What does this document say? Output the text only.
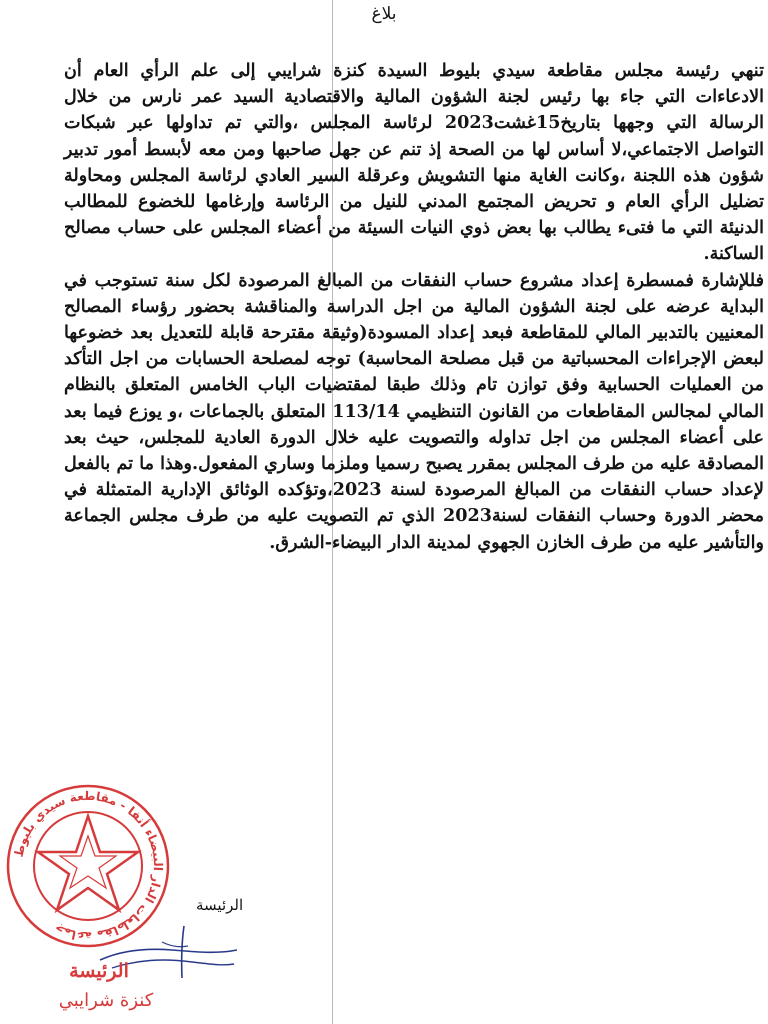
بلاغ

تنهي رئيسة مجلس مقاطعة سيدي بليوط السيدة كنزة شرايبي إلى علم الرأي العام أن الادعاءات التي جاء بها رئيس لجنة الشؤون المالية والاقتصادية السيد عمر نارس من خلال الرسالة التي وجهها بتاريخ15غشت2023 لرئاسة المجلس ،والتي تم تداولها عبر شبكات التواصل الاجتماعي،لا أساس لها من الصحة إذ تنم عن جهل صاحبها ومن معه لأبسط أمور تدبير شؤون هذه اللجنة ،وكانت الغاية منها التشويش وعرقلة السير العادي لرئاسة المجلس ومحاولة تضليل الرأي العام و تحريض المجتمع المدني للنيل من الرئاسة وإرغامها للخضوع للمطالب الدنيئة التي ما فتىء يطالب بها بعض ذوي النيات السيئة من أعضاء المجلس على حساب مصالح الساكنة.

فللإشارة فمسطرة إعداد مشروع حساب النفقات من المبالغ المرصودة لكل سنة تستوجب في البداية عرضه على لجنة الشؤون المالية من اجل الدراسة والمناقشة بحضور رؤساء المصالح المعنيين بالتدبير المالي للمقاطعة فبعد إعداد المسودة(وثيقة مقترحة قابلة للتعديل بعد خضوعها لبعض الإجراءات المحسباتية من قبل مصلحة المحاسبة) توجه لمصلحة الحسابات من اجل التأكد من العمليات الحسابية وفق توازن تام وذلك طبقا لمقتضيات الباب الخامس المتعلق بالنظام المالي لمجالس المقاطعات من القانون التنظيمي 113/14 المتعلق بالجماعات ،و يوزع فيما بعد على أعضاء المجلس من اجل تداوله والتصويت عليه خلال الدورة العادية للمجلس، حيث بعد المصادقة عليه من طرف المجلس بمقرر يصبح رسميا وملزما وساري المفعول.وهذا ما تم بالفعل لإعداد حساب النفقات من المبالغ المرصودة لسنة 2023،وتؤكده الوثائق الإدارية المتمثلة في محضر الدورة وحساب النفقات لسنة2023 الذي تم التصويت عليه من طرف مجلس الجماعة والتأشير عليه من طرف الخازن الجهوي لمدينة الدار البيضاء-الشرق.

الرئيسة
جماعة مقاطعات الدار البيضاء أنفا - مقاطعة سيدي بليوط
الرئيسة
كنزة شرايبي
